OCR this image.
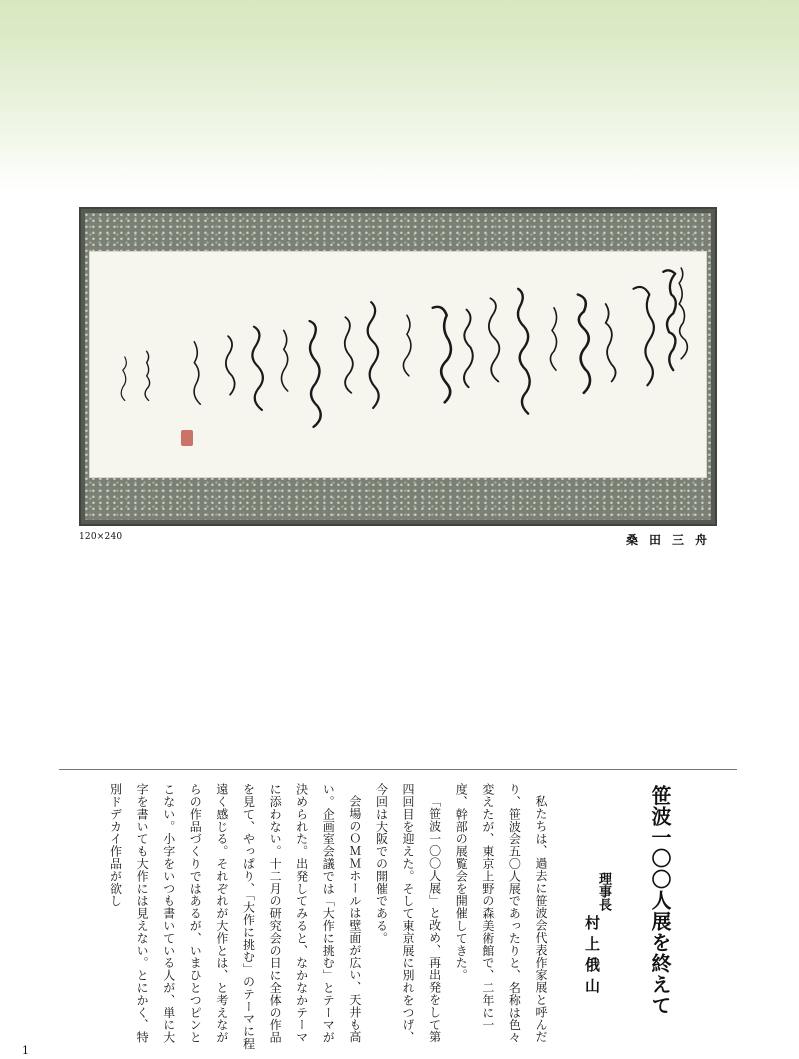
120×240	桑田三舟
笹波一〇〇人展を終えて
理事長
村上俄山

私たちは、過去に笹波会代表作家展と呼んだり、笹波会五〇人展であったりと、名称は色々変えたが、東京上野の森美術館で、二年に一度、幹部の展覧会を開催してきた。

「笹波一〇〇人展」と改め、再出発をして第四回目を迎えた。そして東京展に別れをつげ、今回は大阪での開催である。

会場のＯＭＭホールは壁面が広い、天井も高い。企画室会議では「大作に挑む」とテーマが決められた。出発してみると、なかなかテーマに添わない。十二月の研究会の日に全体の作品を見て、やっぱり、「大作に挑む」のテーマに程遠く感じる。それぞれが大作とは、と考えながらの作品づくりではあるが、いまひとつピンとこない。小字をいつも書いている人が、単に大字を書いても大作には見えない。とにかく、特別ドデカイ作品が欲し

1
